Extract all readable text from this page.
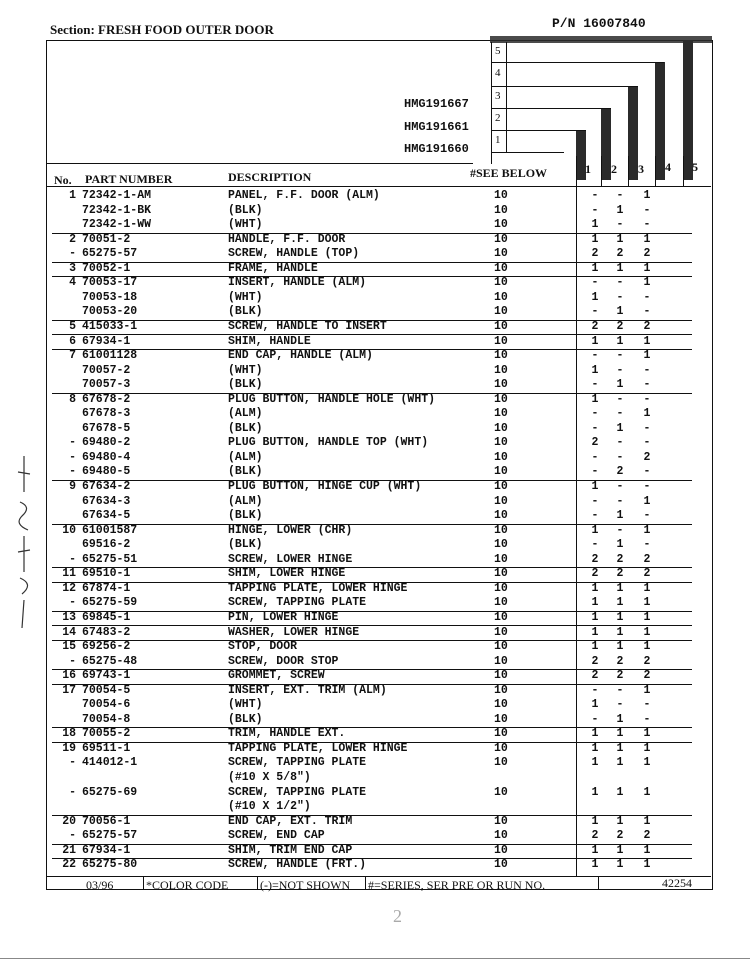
Section: FRESH FOOD OUTER DOOR	P/N 16007840
5
4
3
2
1
HMG191667
HMG191661
HMG191660
No. PART NUMBER	DESCRIPTION	#SEE BELOW	1 2 3 4 5
1 72342-1-AM	PANEL, F.F. DOOR (ALM)	10	-	-	1
72342-1-BK	(BLK)	10	-	1	-
72342-1-WW	(WHT)	10	1	-	-
2 70051-2	HANDLE, F.F. DOOR	10	1	1	1
- 65275-57	SCREW, HANDLE (TOP)	10	2	2	2
3 70052-1	FRAME, HANDLE	10	1	1	1
4 70053-17	INSERT, HANDLE (ALM)	10	-	-	1
70053-18	(WHT)	10	1	-	-
70053-20	(BLK)	10	-	1	-
5 415033-1	SCREW, HANDLE TO INSERT	10	2	2	2
6 67934-1	SHIM, HANDLE	10	1	1	1
7 61001128	END CAP, HANDLE (ALM)	10	-	-	1
70057-2	(WHT)	10	1	-	-
70057-3	(BLK)	10	-	1	-
8 67678-2	PLUG BUTTON, HANDLE HOLE (WHT)	10	1	-	-
67678-3	(ALM)	10	-	-	1
67678-5	(BLK)	10	-	1	-
- 69480-2	PLUG BUTTON, HANDLE TOP (WHT)	10	2	-	-
- 69480-4	(ALM)	10	-	-	2
- 69480-5	(BLK)	10	-	2	-
9 67634-2	PLUG BUTTON, HINGE CUP (WHT)	10	1	-	-
67634-3	(ALM)	10	-	-	1
67634-5	(BLK)	10	-	1	-
10 61001587	HINGE, LOWER (CHR)	10	1	-	1
69516-2	(BLK)	10	-	1	-
- 65275-51	SCREW, LOWER HINGE	10	2	2	2
11 69510-1	SHIM, LOWER HINGE	10	2	2	2
12 67874-1	TAPPING PLATE, LOWER HINGE	10	1	1	1
- 65275-59	SCREW, TAPPING PLATE	10	1	1	1
13 69845-1	PIN, LOWER HINGE	10	1	1	1
14 67483-2	WASHER, LOWER HINGE	10	1	1	1
15 69256-2	STOP, DOOR	10	1	1	1
- 65275-48	SCREW, DOOR STOP	10	2	2	2
16 69743-1	GROMMET, SCREW	10	2	2	2
17 70054-5	INSERT, EXT. TRIM (ALM)	10	-	-	1
70054-6	(WHT)	10	1	-	-
70054-8	(BLK)	10	-	1	-
18 70055-2	TRIM, HANDLE EXT.	10	1	1	1
19 69511-1	TAPPING PLATE, LOWER HINGE	10	1	1	1
- 414012-1	SCREW, TAPPING PLATE	10	1	1	1
(#10 X 5/8")
- 65275-69	SCREW, TAPPING PLATE	10	1	1	1
(#10 X 1/2")
20 70056-1	END CAP, EXT. TRIM	10	1	1	1
- 65275-57	SCREW, END CAP	10	2	2	2
21 67934-1	SHIM, TRIM END CAP	10	1	1	1
22 65275-80	SCREW, HANDLE (FRT.)	10	1	1	1
03/96	*COLOR CODE	(-)=NOT SHOWN #=SERIES, SER PRE OR RUN NO.	42254
2
